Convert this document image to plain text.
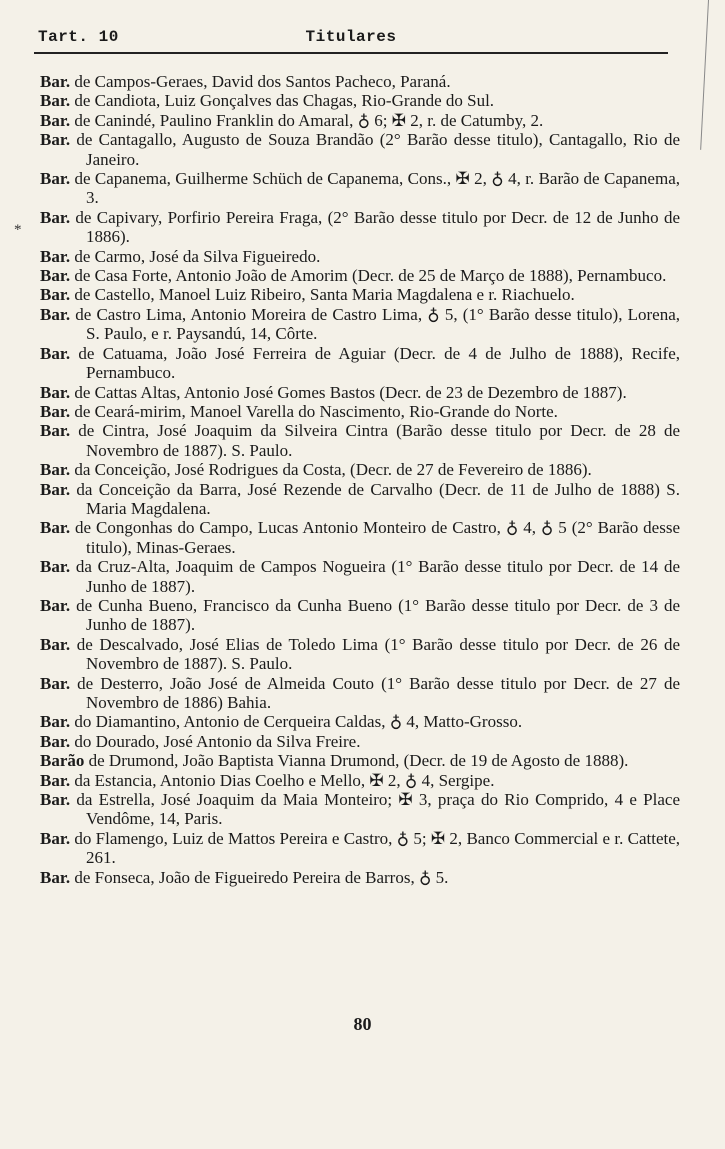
Tart. 10	Titulares
*

Bar. de Campos-Geraes, David dos Santos Pacheco, Paraná.

Bar. de Candiota, Luiz Gonçalves das Chagas, Rio-Grande do Sul.

Bar. de Canindé, Paulino Franklin do Amaral, ♁ 6; ✠ 2, r. de Catumby, 2.

Bar. de Cantagallo, Augusto de Souza Brandão (2° Barão desse titulo), Cantagallo, Rio de Janeiro.

Bar. de Capanema, Guilherme Schüch de Capanema, Cons., ✠ 2, ♁ 4, r. Barão de Capanema, 3.

Bar. de Capivary, Porfirio Pereira Fraga, (2° Barão desse titulo por Decr. de 12 de Junho de 1886).

Bar. de Carmo, José da Silva Figueiredo.

Bar. de Casa Forte, Antonio João de Amorim (Decr. de 25 de Março de 1888), Pernambuco.

Bar. de Castello, Manoel Luiz Ribeiro, Santa Maria Magdalena e r. Riachuelo.

Bar. de Castro Lima, Antonio Moreira de Castro Lima, ♁ 5, (1° Barão desse titulo), Lorena, S. Paulo, e r. Paysandú, 14, Côrte.

Bar. de Catuama, João José Ferreira de Aguiar (Decr. de 4 de Julho de 1888), Recife, Pernambuco.

Bar. de Cattas Altas, Antonio José Gomes Bastos (Decr. de 23 de Dezembro de 1887).

Bar. de Ceará-mirim, Manoel Varella do Nascimento, Rio-Grande do Norte.

Bar. de Cintra, José Joaquim da Silveira Cintra (Barão desse titulo por Decr. de 28 de Novembro de 1887). S. Paulo.

Bar. da Conceição, José Rodrigues da Costa, (Decr. de 27 de Fevereiro de 1886).

Bar. da Conceição da Barra, José Rezende de Carvalho (Decr. de 11 de Julho de 1888) S. Maria Magdalena.

Bar. de Congonhas do Campo, Lucas Antonio Monteiro de Castro, ♁ 4, ♁ 5 (2° Barão desse titulo), Minas-Geraes.

Bar. da Cruz-Alta, Joaquim de Campos Nogueira (1° Barão desse titulo por Decr. de 14 de Junho de 1887).

Bar. de Cunha Bueno, Francisco da Cunha Bueno (1° Barão desse titulo por Decr. de 3 de Junho de 1887).

Bar. de Descalvado, José Elias de Toledo Lima (1° Barão desse titulo por Decr. de 26 de Novembro de 1887). S. Paulo.

Bar. de Desterro, João José de Almeida Couto (1° Barão desse titulo por Decr. de 27 de Novembro de 1886) Bahia.

Bar. do Diamantino, Antonio de Cerqueira Caldas, ♁ 4, Matto-Grosso.

Bar. do Dourado, José Antonio da Silva Freire.

Barão de Drumond, João Baptista Vianna Drumond, (Decr. de 19 de Agosto de 1888).

Bar. da Estancia, Antonio Dias Coelho e Mello, ✠ 2, ♁ 4, Sergipe.

Bar. da Estrella, José Joaquim da Maia Monteiro; ✠ 3, praça do Rio Comprido, 4 e Place Vendôme, 14, Paris.

Bar. do Flamengo, Luiz de Mattos Pereira e Castro, ♁ 5; ✠ 2, Banco Commercial e r. Cattete, 261.

Bar. de Fonseca, João de Figueiredo Pereira de Barros, ♁ 5.

80
